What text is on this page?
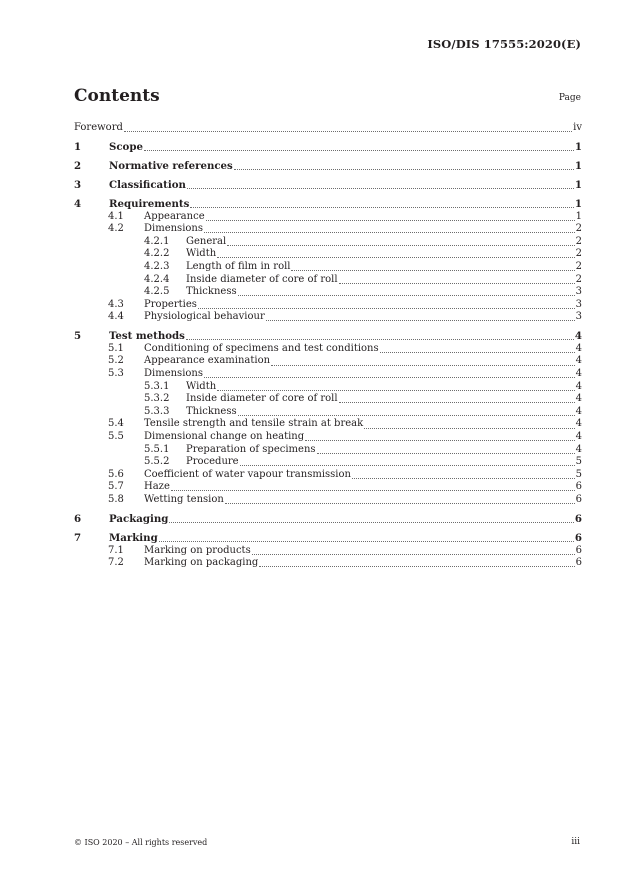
ISO/DIS 17555:2020(E)
Contents	Page
Foreword	iv
1	Scope	1
2	Normative references	1
3	Classification	1
4	Requirements	1
4.1 Appearance	1
4.2 Dimensions	2
4.2.1 General	2
4.2.2 Width	2
4.2.3 Length of film in roll	2
4.2.4 Inside diameter of core of roll	2
4.2.5 Thickness	3
4.3 Properties	3
4.4 Physiological behaviour	3
5	Test methods	4
5.1 Conditioning of specimens and test conditions	4
5.2 Appearance examination	4
5.3 Dimensions	4
5.3.1 Width	4
5.3.2 Inside diameter of core of roll	4
5.3.3 Thickness	4
5.4 Tensile strength and tensile strain at break	4
5.5 Dimensional change on heating	4
5.5.1 Preparation of specimens	4
5.5.2 Procedure	5
5.6 Coefficient of water vapour transmission	5
5.7 Haze	6
5.8 Wetting tension	6
6	Packaging	6
7	Marking	6
7.1 Marking on products	6
7.2 Marking on packaging	6
© ISO 2020 – All rights reserved	iii
